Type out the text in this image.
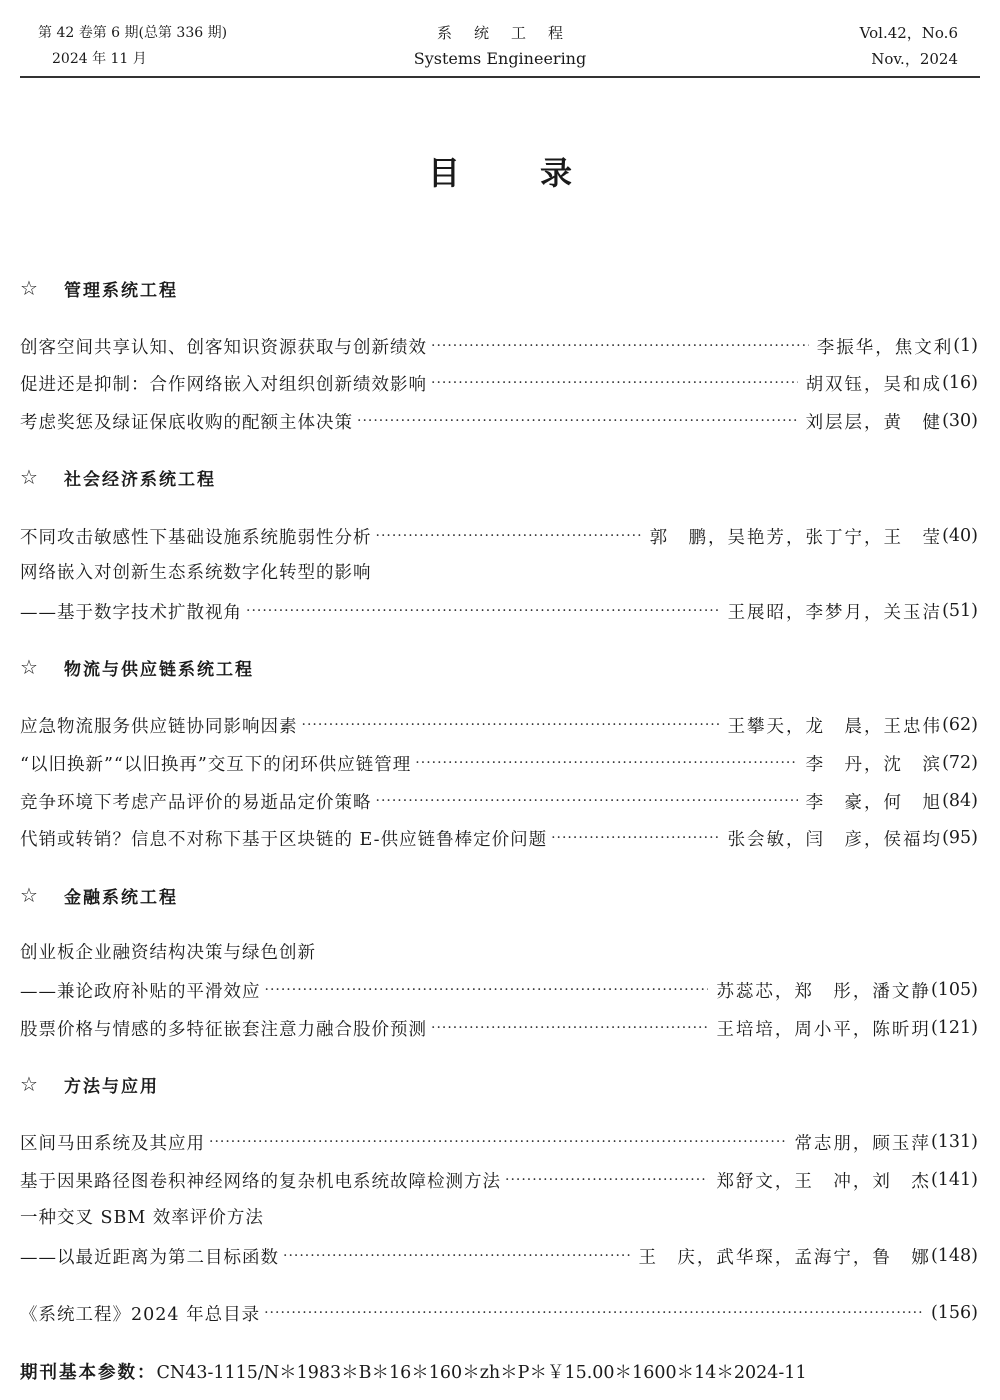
第 42 卷第 6 期(总第 336 期)
2024 年 11 月
系统工程
Systems Engineering
Vol.42，No.6
Nov.，2024
目录
☆	管理系统工程
创客空间共享认知、创客知识资源获取与创新绩效 ·····	李振华，焦文利 (1)
促进还是抑制：合作网络嵌入对组织创新绩效影响 ·····	胡双钰，吴和成 (16)
考虑奖惩及绿证保底收购的配额主体决策 ·····	刘层层，黄　健 (30)
☆	社会经济系统工程
不同攻击敏感性下基础设施系统脆弱性分析 ·····	郭　鹏，吴艳芳，张丁宁，王　莹 (40)
网络嵌入对创新生态系统数字化转型的影响
——基于数字技术扩散视角 ·····	王展昭，李梦月，关玉洁 (51)
☆	物流与供应链系统工程
应急物流服务供应链协同影响因素 ·····	王攀天，龙　晨，王忠伟 (62)
“以旧换新”“以旧换再”交互下的闭环供应链管理 ·····	李　丹，沈　滨 (72)
竞争环境下考虑产品评价的易逝品定价策略 ·····	李　豪，何　旭 (84)
代销或转销？信息不对称下基于区块链的 E-供应链鲁棒定价问题 ·····	张会敏，闫　彦，侯福均 (95)
☆	金融系统工程
创业板企业融资结构决策与绿色创新
——兼论政府补贴的平滑效应 ·····	苏蕊芯，郑　彤，潘文静 (105)
股票价格与情感的多特征嵌套注意力融合股价预测 ·····	王培培，周小平，陈昕玥 (121)
☆	方法与应用
区间马田系统及其应用 ·····	常志朋，顾玉萍 (131)
基于因果路径图卷积神经网络的复杂机电系统故障检测方法 ·····	郑舒文，王　冲，刘　杰 (141)
一种交叉 SBM 效率评价方法
——以最近距离为第二目标函数 ·····	王　庆，武华琛，孟海宁，鲁　娜 (148)
《系统工程》2024 年总目录 ·····	(156)
期刊基本参数： CN43-1115/N＊1983＊B＊16＊160＊zh＊P＊￥15.00＊1600＊14＊2024-11
